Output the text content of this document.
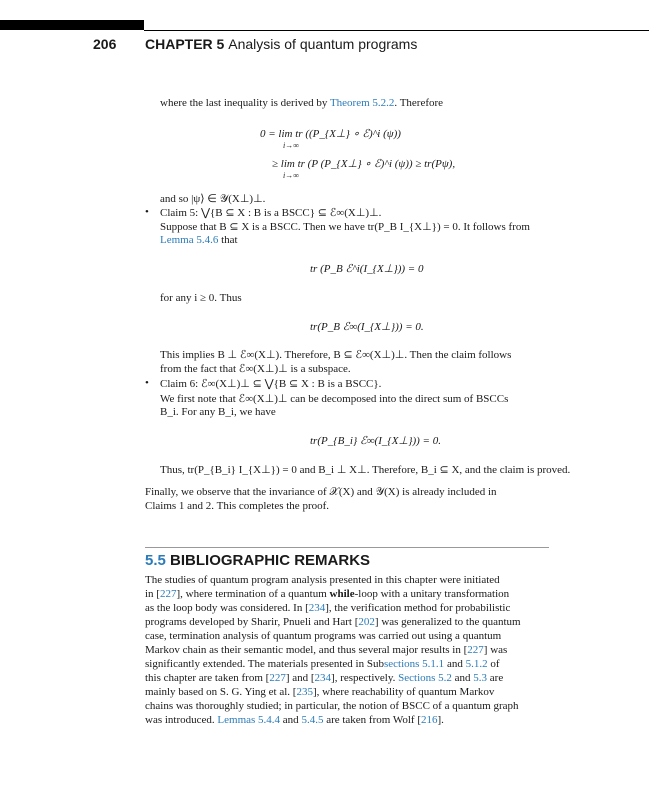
206 CHAPTER 5 Analysis of quantum programs
where the last inequality is derived by Theorem 5.2.2. Therefore
0 = lim tr ((P_{X⊥} ∘ ℰ)^i (ψ))
i→∞
≥ lim tr (P (P_{X⊥} ∘ ℰ)^i (ψ)) ≥ tr(Pψ),
i→∞
and so |ψ⟩ ∈ 𝒴(X⊥)⊥.
• Claim 5: ⋁{B ⊆ X : B is a BSCC} ⊆ ℰ∞(X⊥)⊥.
Suppose that B ⊆ X is a BSCC. Then we have tr(P_B I_{X⊥}) = 0. It follows from
Lemma 5.4.6 that
tr (P_B ℰ^i(I_{X⊥})) = 0
for any i ≥ 0. Thus
tr(P_B ℰ∞(I_{X⊥})) = 0.
This implies B ⊥ ℰ∞(X⊥). Therefore, B ⊆ ℰ∞(X⊥)⊥. Then the claim follows
from the fact that ℰ∞(X⊥)⊥ is a subspace.
• Claim 6: ℰ∞(X⊥)⊥ ⊆ ⋁{B ⊆ X : B is a BSCC}.
We first note that ℰ∞(X⊥)⊥ can be decomposed into the direct sum of BSCCs
B_i. For any B_i, we have
tr(P_{B_i} ℰ∞(I_{X⊥})) = 0.
Thus, tr(P_{B_i} I_{X⊥}) = 0 and B_i ⊥ X⊥. Therefore, B_i ⊆ X, and the claim is proved.
Finally, we observe that the invariance of 𝒳(X) and 𝒴(X) is already included in
Claims 1 and 2. This completes the proof.
5.5 BIBLIOGRAPHIC REMARKS
The studies of quantum program analysis presented in this chapter were initiated
in [227], where termination of a quantum while-loop with a unitary transformation
as the loop body was considered. In [234], the verification method for probabilistic
programs developed by Sharir, Pnueli and Hart [202] was generalized to the quantum
case, termination analysis of quantum programs was carried out using a quantum
Markov chain as their semantic model, and thus several major results in [227] was
significantly extended. The materials presented in Subsections 5.1.1 and 5.1.2 of
this chapter are taken from [227] and [234], respectively. Sections 5.2 and 5.3 are
mainly based on S. G. Ying et al. [235], where reachability of quantum Markov
chains was thoroughly studied; in particular, the notion of BSCC of a quantum graph
was introduced. Lemmas 5.4.4 and 5.4.5 are taken from Wolf [216].
